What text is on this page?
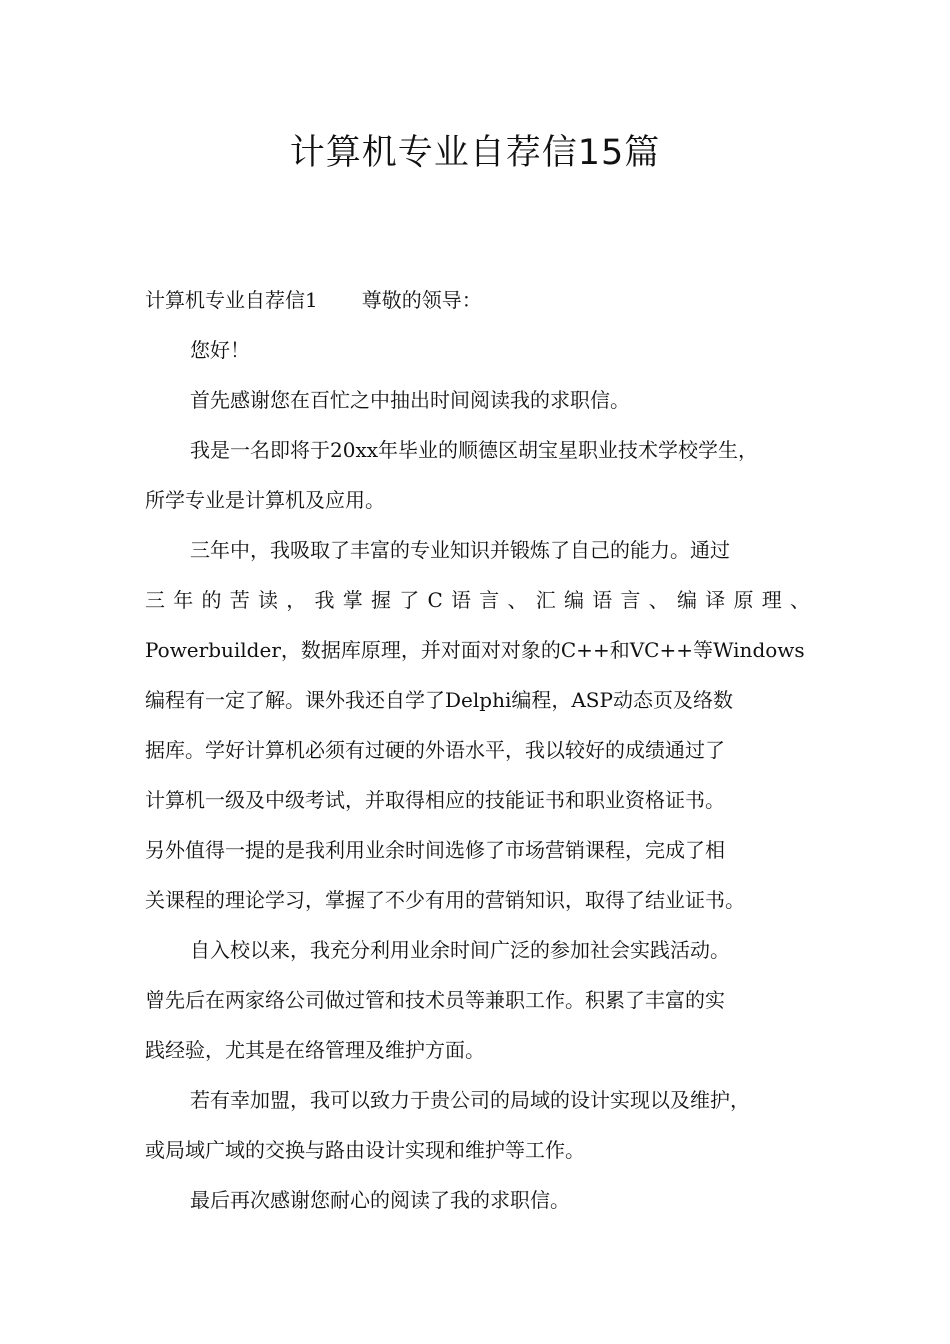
计算机专业自荐信15篇
计算机专业自荐信1 尊敬的领导：
您好！
首先感谢您在百忙之中抽出时间阅读我的求职信。
我是一名即将于20xx年毕业的顺德区胡宝星职业技术学校学生，
所学专业是计算机及应用。
三年中，我吸取了丰富的专业知识并锻炼了自己的能力。通过
三年的苦读，我掌握了C语言、汇编语言、编译原理、
Powerbuilder，数据库原理，并对面对对象的C++和VC++等Windows
编程有一定了解。课外我还自学了Delphi编程，ASP动态页及络数
据库。学好计算机必须有过硬的外语水平，我以较好的成绩通过了
计算机一级及中级考试，并取得相应的技能证书和职业资格证书。
另外值得一提的是我利用业余时间选修了市场营销课程，完成了相
关课程的理论学习，掌握了不少有用的营销知识，取得了结业证书。
自入校以来，我充分利用业余时间广泛的参加社会实践活动。
曾先后在两家络公司做过管和技术员等兼职工作。积累了丰富的实
践经验，尤其是在络管理及维护方面。
若有幸加盟，我可以致力于贵公司的局域的设计实现以及维护，
或局域广域的交换与路由设计实现和维护等工作。
最后再次感谢您耐心的阅读了我的求职信。
